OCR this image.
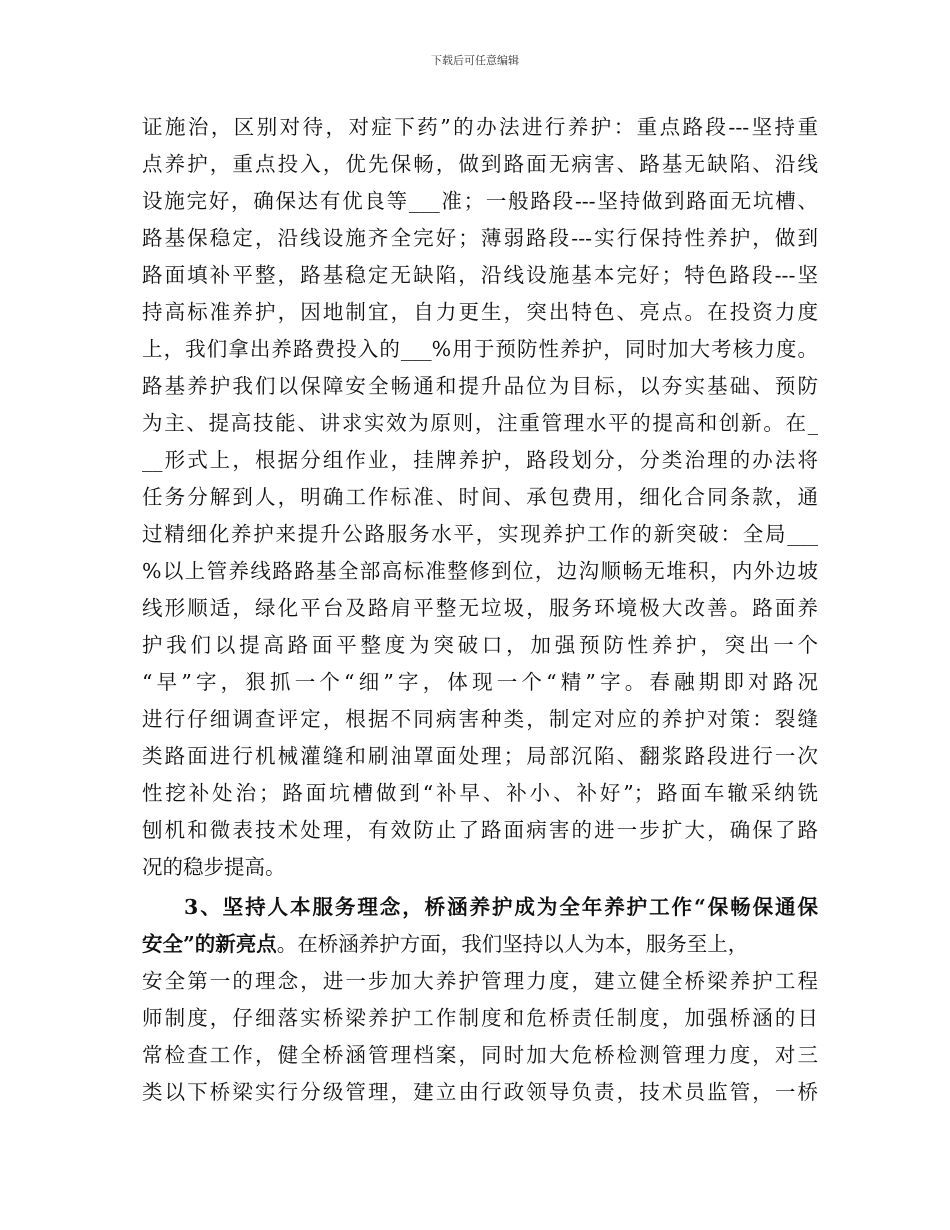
下载后可任意编辑
证施治，区别对待，对症下药”的办法进行养护：重点路段---坚持重
点养护，重点投入，优先保畅，做到路面无病害、路基无缺陷、沿线
设施完好，确保达有优良等___准；一般路段---坚持做到路面无坑槽、
路基保稳定，沿线设施齐全完好；薄弱路段---实行保持性养护，做到
路面填补平整，路基稳定无缺陷，沿线设施基本完好；特色路段---坚
持高标准养护，因地制宜，自力更生，突出特色、亮点。在投资力度
上，我们拿出养路费投入的___%用于预防性养护，同时加大考核力度。
路基养护我们以保障安全畅通和提升品位为目标，以夯实基础、预防
为主、提高技能、讲求实效为原则，注重管理水平的提高和创新。在_
__形式上，根据分组作业，挂牌养护，路段划分，分类治理的办法将
任务分解到人，明确工作标准、时间、承包费用，细化合同条款，通
过精细化养护来提升公路服务水平，实现养护工作的新突破：全局___
%以上管养线路路基全部高标准整修到位，边沟顺畅无堆积，内外边坡
线形顺适，绿化平台及路肩平整无垃圾，服务环境极大改善。路面养
护我们以提高路面平整度为突破口，加强预防性养护，突出一个
“早”字，狠抓一个“细”字，体现一个“精”字。春融期即对路况
进行仔细调查评定，根据不同病害种类，制定对应的养护对策：裂缝
类路面进行机械灌缝和刷油罩面处理；局部沉陷、翻浆路段进行一次
性挖补处治；路面坑槽做到“补早、补小、补好”；路面车辙采纳铣
刨机和微表技术处理，有效防止了路面病害的进一步扩大，确保了路
况的稳步提高。
3、坚持人本服务理念，桥涵养护成为全年养护工作“保畅保通保
安全”的新亮点。在桥涵养护方面，我们坚持以人为本，服务至上，
安全第一的理念，进一步加大养护管理力度，建立健全桥梁养护工程
师制度，仔细落实桥梁养护工作制度和危桥责任制度，加强桥涵的日
常检查工作，健全桥涵管理档案，同时加大危桥检测管理力度，对三
类以下桥梁实行分级管理，建立由行政领导负责，技术员监管，一桥
